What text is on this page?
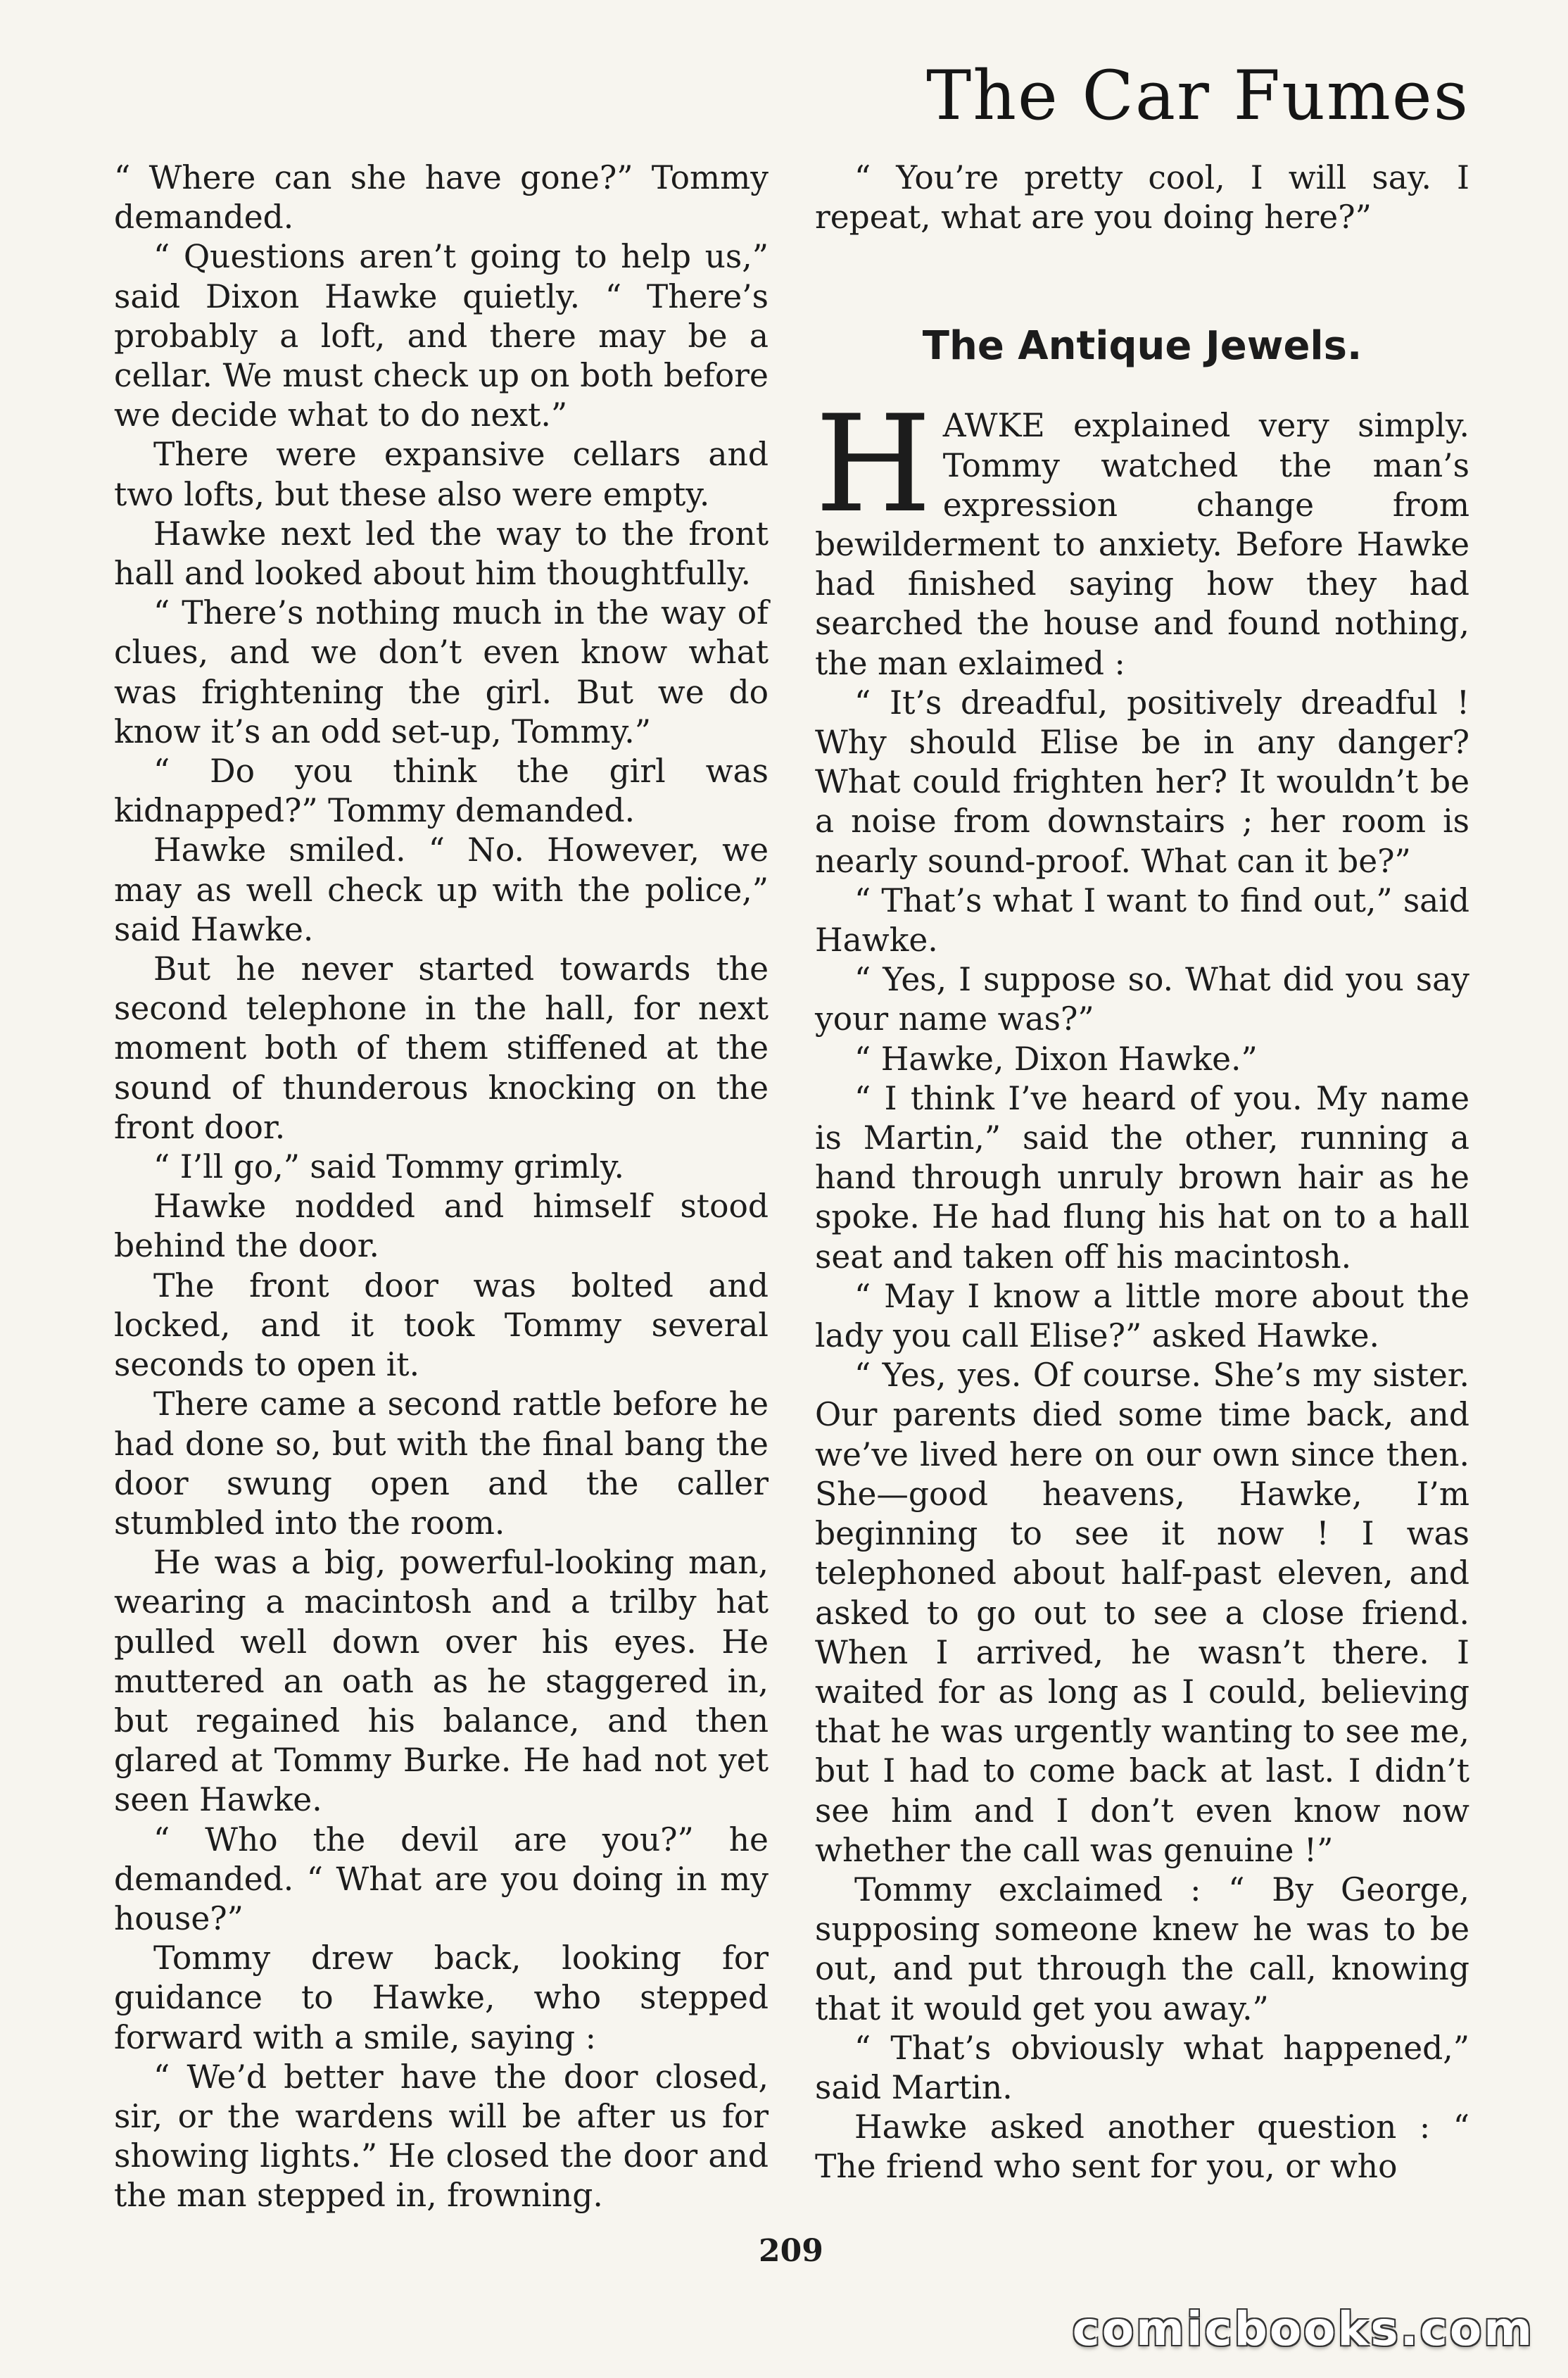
The Car Fumes

“ Where can she have gone?” Tommy demanded.

“ Questions aren’t going to help us,” said Dixon Hawke quietly. “ There’s probably a loft, and there may be a cellar. We must check up on both before we decide what to do next.”

There were expansive cellars and two lofts, but these also were empty.

Hawke next led the way to the front hall and looked about him thoughtfully.

“ There’s nothing much in the way of clues, and we don’t even know what was frightening the girl. But we do know it’s an odd set-up, Tommy.”

“ Do you think the girl was kidnapped?” Tommy demanded.

Hawke smiled. “ No. However, we may as well check up with the police,” said Hawke.

But he never started towards the second telephone in the hall, for next moment both of them stiffened at the sound of thunderous knocking on the front door.

“ I’ll go,” said Tommy grimly.

Hawke nodded and himself stood behind the door.

The front door was bolted and locked, and it took Tommy several seconds to open it.

There came a second rattle before he had done so, but with the final bang the door swung open and the caller stumbled into the room.

He was a big, powerful-looking man, wearing a macintosh and a trilby hat pulled well down over his eyes. He muttered an oath as he staggered in, but regained his balance, and then glared at Tommy Burke. He had not yet seen Hawke.

“ Who the devil are you?” he demanded. “ What are you doing in my house?”

Tommy drew back, looking for guidance to Hawke, who stepped forward with a smile, saying :

“ We’d better have the door closed, sir, or the wardens will be after us for showing lights.” He closed the door and the man stepped in, frowning.

“ You’re pretty cool, I will say. I repeat, what are you doing here?”

The Antique Jewels.

HAWKE explained very simply. Tommy watched the man’s expression change from bewilderment to anxiety. Before Hawke had finished saying how they had searched the house and found nothing, the man exlaimed :

“ It’s dreadful, positively dreadful ! Why should Elise be in any danger? What could frighten her? It wouldn’t be a noise from downstairs ; her room is nearly sound-proof. What can it be?”

“ That’s what I want to find out,” said Hawke.

“ Yes, I suppose so. What did you say your name was?”

“ Hawke, Dixon Hawke.”

“ I think I’ve heard of you. My name is Martin,” said the other, running a hand through unruly brown hair as he spoke. He had flung his hat on to a hall seat and taken off his macintosh.

“ May I know a little more about the lady you call Elise?” asked Hawke.

“ Yes, yes. Of course. She’s my sister. Our parents died some time back, and we’ve lived here on our own since then. She—good heavens, Hawke, I’m beginning to see it now ! I was telephoned about half-past eleven, and asked to go out to see a close friend. When I arrived, he wasn’t there. I waited for as long as I could, believing that he was urgently wanting to see me, but I had to come back at last. I didn’t see him and I don’t even know now whether the call was genuine !”

Tommy exclaimed : “ By George, supposing someone knew he was to be out, and put through the call, knowing that it would get you away.”

“ That’s obviously what happened,” said Martin.

Hawke asked another question : “ The friend who sent for you, or who

209
comicbooks.com
